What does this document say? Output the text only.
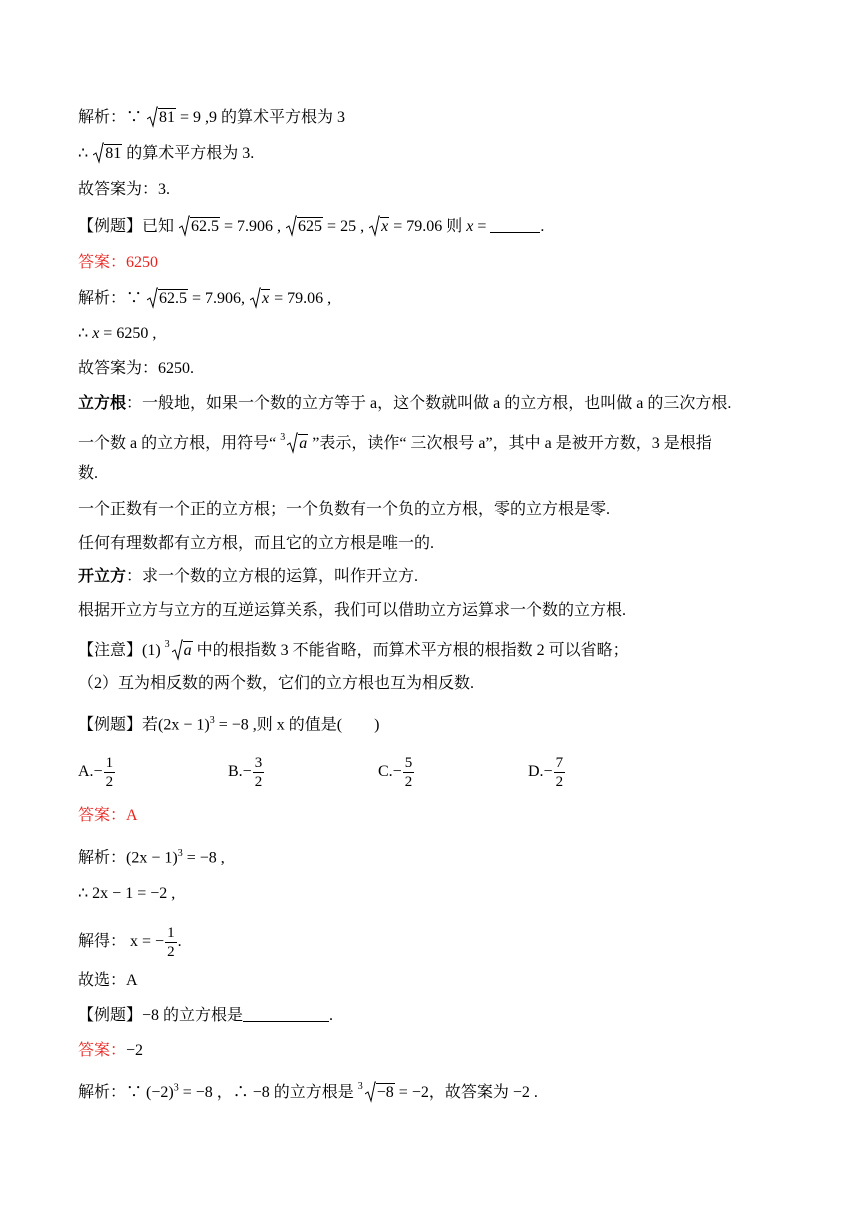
解析：∵ 81 = 9 ,9 的算术平方根为 3
∴ 81 的算术平方根为 3.
故答案为：3.
【例题】已知 62.5 = 7.906 , 625 = 25 , x = 79.06 则 x =	.
答案：6250
解析：∵ 62.5 = 7.906, x = 79.06 ,
∴ x = 6250 ,
故答案为：6250.
立方根：一般地，如果一个数的立方等于 a，这个数就叫做 a 的立方根，也叫做 a 的三次方根.
一个数 a 的立方根，用符号“ $^3$ a ”表示，读作“ 三次根号 a”，其中 a 是被开方数，3 是根指
数.
一个正数有一个正的立方根；一个负数有一个负的立方根，零的立方根是零.
任何有理数都有立方根，而且它的立方根是唯一的.
开立方：求一个数的立方根的运算，叫作开立方.
根据开立方与立方的互逆运算关系，我们可以借助立方运算求一个数的立方根.
【注意】(1) $^3$ a 中的根指数 3 不能省略，而算术平方根的根指数 2 可以省略；
（2）互为相反数的两个数，它们的立方根也互为相反数.
【例题】若$(2x - 1)^3 = -8$ ,则 x 的值是(　　)
$A.- \frac{1}{2}$	$B.- \frac{3}{2}$	$C.- \frac{5}{2}$	$D.- \frac{7}{2}$
答案：A
解析：$(2x - 1)^3 = -8$ ,
∴ 2x − 1 = −2 ,
解得： x = − $\frac{1}{2}$ .
故选：A
【例题】−8 的立方根是	.
答案：−2
解析：∵ $(-2)^3 = -8$ ，∴ −8 的立方根是 $^3$ −8 = −2，故答案为 −2 .
